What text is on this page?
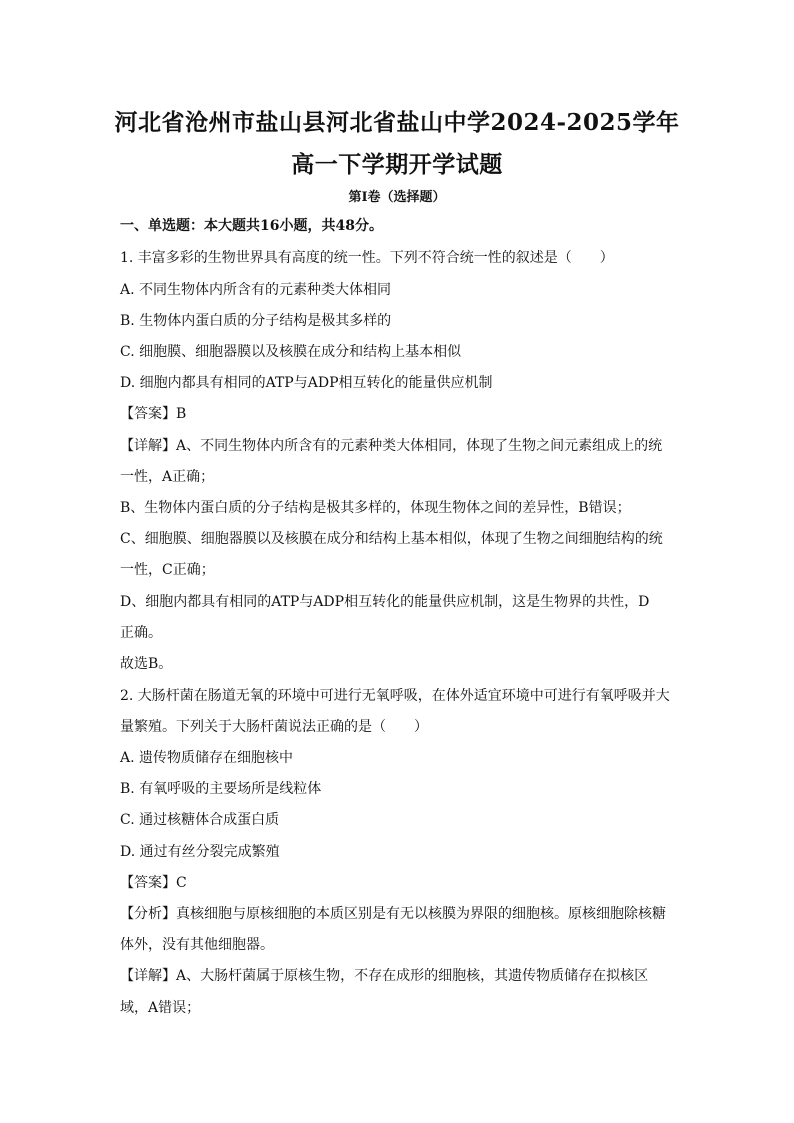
河北省沧州市盐山县河北省盐山中学2024-2025学年
高一下学期开学试题
第Ⅰ卷（选择题）
一、单选题：本大题共16小题，共48分。
1. 丰富多彩的生物世界具有高度的统一性。下列不符合统一性的叙述是（　　）
A. 不同生物体内所含有的元素种类大体相同
B. 生物体内蛋白质的分子结构是极其多样的
C. 细胞膜、细胞器膜以及核膜在成分和结构上基本相似
D. 细胞内都具有相同的ATP与ADP相互转化的能量供应机制
【答案】B
【详解】A、不同生物体内所含有的元素种类大体相同，体现了生物之间元素组成上的统
一性，A正确；
B、生物体内蛋白质的分子结构是极其多样的，体现生物体之间的差异性，B错误；
C、细胞膜、细胞器膜以及核膜在成分和结构上基本相似，体现了生物之间细胞结构的统
一性，C正确；
D、细胞内都具有相同的ATP与ADP相互转化的能量供应机制，这是生物界的共性，D
正确。
故选B。
2. 大肠杆菌在肠道无氧的环境中可进行无氧呼吸，在体外适宜环境中可进行有氧呼吸并大
量繁殖。下列关于大肠杆菌说法正确的是（　　）
A. 遗传物质储存在细胞核中
B. 有氧呼吸的主要场所是线粒体
C. 通过核糖体合成蛋白质
D. 通过有丝分裂完成繁殖
【答案】C
【分析】真核细胞与原核细胞的本质区别是有无以核膜为界限的细胞核。原核细胞除核糖
体外，没有其他细胞器。
【详解】A、大肠杆菌属于原核生物，不存在成形的细胞核，其遗传物质储存在拟核区
域，A错误；
